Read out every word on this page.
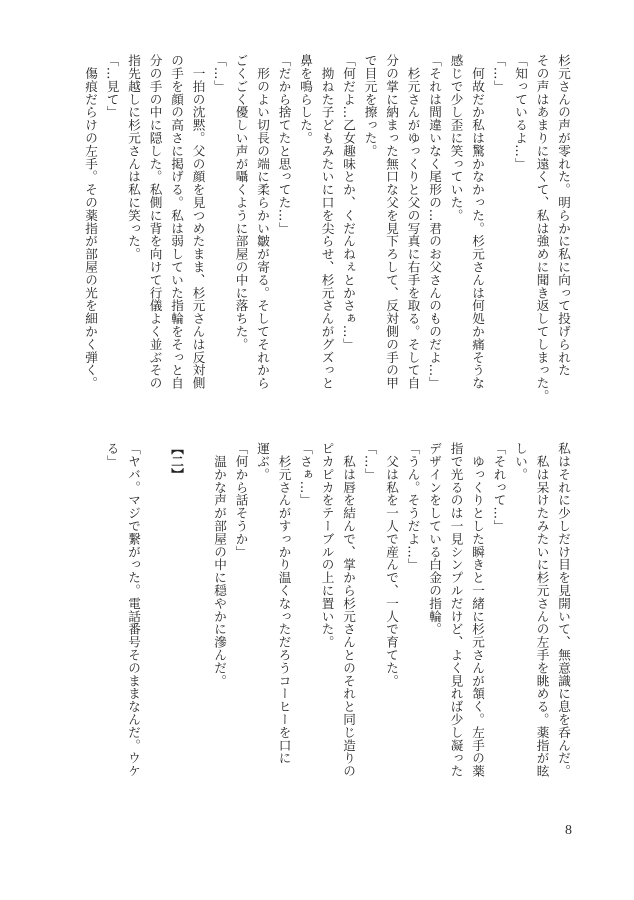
杉元さんの声が零れた。明らかに私に向って投げられた
その声はあまりに遠くて、私は強めに聞き返してしまった。
「知っているよ…」
「…」
　何故だか私は驚かなかった。杉元さんは何処か痛そうな
感じで少し歪に笑っていた。
「それは間違いなく尾形の…君のお父さんのものだよ…」
　杉元さんがゆっくりと父の写真に右手を取る。そして自
分の掌に納まった無口な父を見下ろして、反対側の手の甲
で目元を擦った。
「何だよ…乙女趣味とか、くだんねぇとかさぁ…」
　拗ねた子どもみたいに口を尖らせ、杉元さんがグズっと
鼻を鳴らした。
「だから捨てたと思ってた…」
　形のよい切長の端に柔らかい皺が寄る。そしてそれから
ごくごく優しい声が囁くように部屋の中に落ちた。
「…」
　一拍の沈黙。父の顔を見つめたまま、杉元さんは反対側
の手を顔の高さに掲げる。私は弱していた指輪をそっと自
分の手の中に隠した。私側に背を向けて行儀よく並ぶその
指先越しに杉元さんは私に笑った。
「…見て」
　傷痕だらけの左手。その薬指が部屋の光を細かく弾く。
私はそれに少しだけ目を見開いて、無意識に息を呑んだ。
　私は呆けたみたいに杉元さんの左手を眺める。薬指が眩
しい。
「それって…」
　ゆっくりとした瞬きと一緒に杉元さんが頷く。左手の薬
指で光るのは一見シンプルだけど、よく見れば少し凝った
デザインをしている白金の指輪。
「うん。そうだよ…」
　父は私を一人で産んで、一人で育てた。
「…」
　私は唇を結んで、掌から杉元さんとのそれと同じ造りの
ピカピカをテーブルの上に置いた。
「さぁ…」
　杉元さんがすっかり温くなっただろうコーヒーを口に
運ぶ。
「何から話そうか」
　温かな声が部屋の中に穏やかに滲んだ。
【二】
「ヤバ。マジで繋がった。電話番号そのままなんだ。ウケ
る」
8
